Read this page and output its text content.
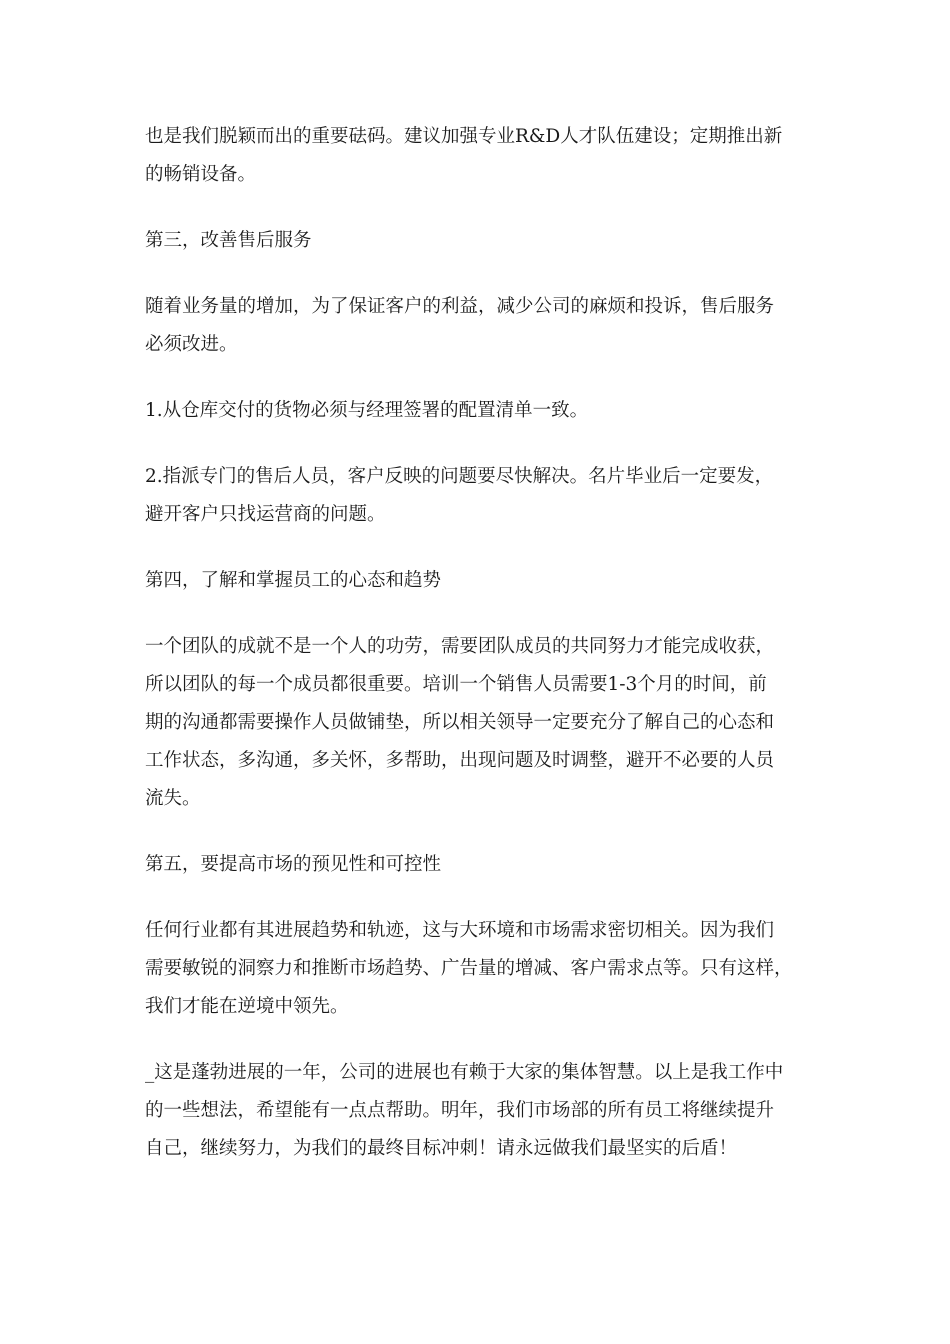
也是我们脱颖而出的重要砝码。建议加强专业R&D人才队伍建设；定期推出新
的畅销设备。

第三，改善售后服务

随着业务量的增加，为了保证客户的利益，减少公司的麻烦和投诉，售后服务
必须改进。

1.从仓库交付的货物必须与经理签署的配置清单一致。

2.指派专门的售后人员，客户反映的问题要尽快解决。名片毕业后一定要发，
避开客户只找运营商的问题。

第四，了解和掌握员工的心态和趋势

一个团队的成就不是一个人的功劳，需要团队成员的共同努力才能完成收获，
所以团队的每一个成员都很重要。培训一个销售人员需要1-3个月的时间，前
期的沟通都需要操作人员做铺垫，所以相关领导一定要充分了解自己的心态和
工作状态，多沟通，多关怀，多帮助，出现问题及时调整，避开不必要的人员
流失。

第五，要提高市场的预见性和可控性

任何行业都有其进展趋势和轨迹，这与大环境和市场需求密切相关。因为我们
需要敏锐的洞察力和推断市场趋势、广告量的增减、客户需求点等。只有这样，
我们才能在逆境中领先。

_这是蓬勃进展的一年，公司的进展也有赖于大家的集体智慧。以上是我工作中
的一些想法，希望能有一点点帮助。明年，我们市场部的所有员工将继续提升
自己，继续努力，为我们的最终目标冲刺！请永远做我们最坚实的后盾！
